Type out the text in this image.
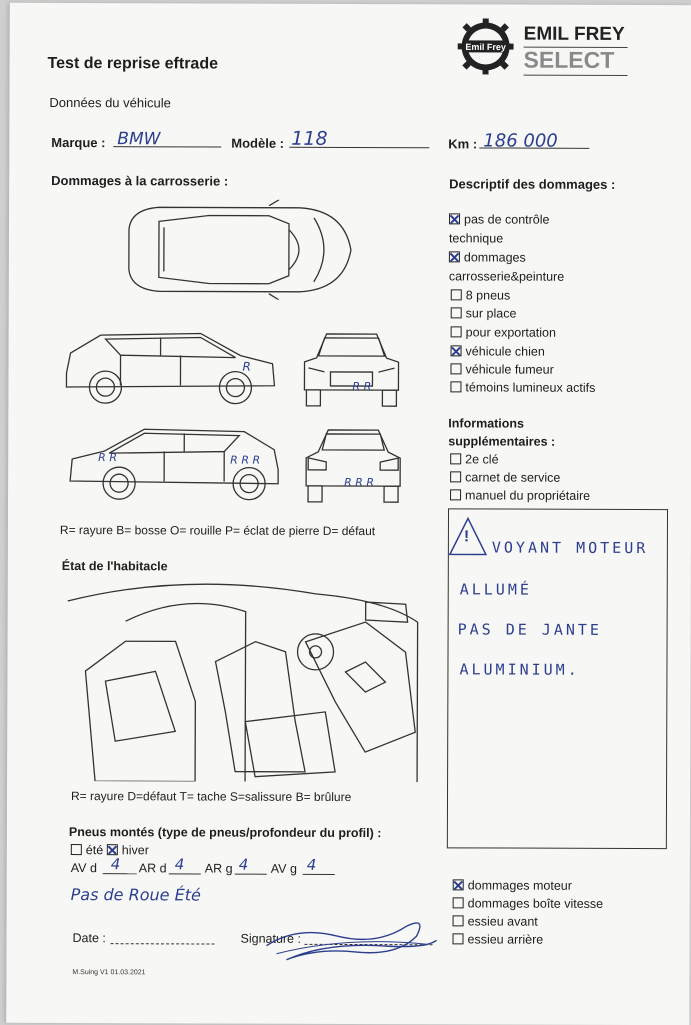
Emil Frey
EMIL FREY
SELECT
Test de reprise eftrade
Données du véhicule
Marque : BMW	Modèle : 118	Km : 186 000
Dommages à la carrosserie :
R
R R
R R	R R R
R R R
R= rayure B= bosse O= rouille P= éclat de pierre D= défaut
Descriptif des dommages :
pas de contrôle
technique
dommages
carrosserie&peinture
8 pneus
sur place
pour exportation
véhicule chien
véhicule fumeur
témoins lumineux actifs
Informations
supplémentaires :
2e clé
carnet de service
manuel du propriétaire
!
VOYANT MOTEUR
ALLUMÉ
PAS DE JANTE
ALUMINIUM.
État de l'habitacle
R= rayure D=défaut T= tache S=salissure B= brûlure
Pneus montés (type de pneus/profondeur du profil) :
été	hiver
AV d 4 AR d 4 AR g 4 AV g 4
Pas de Roue Été	dommages moteur
dommages boîte vitesse
essieu avant
essieu arrière
Date :	Signature :
M.Suing V1 01.03.2021
